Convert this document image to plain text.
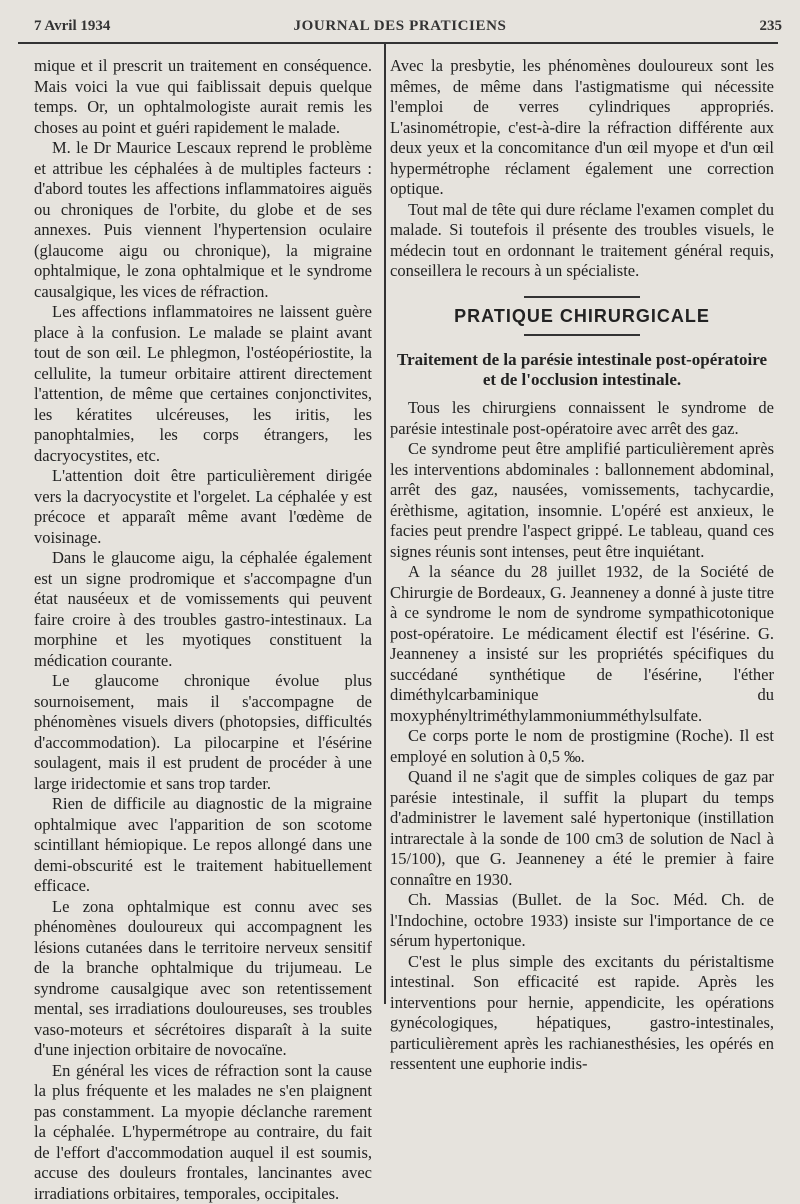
7 Avril 1934	JOURNAL DES PRATICIENS	235

mique et il prescrit un traitement en conséquence. Mais voici la vue qui faiblissait depuis quelque temps. Or, un ophtalmologiste aurait remis les choses au point et guéri rapidement le malade.

M. le Dr Maurice Lescaux reprend le problème et attribue les céphalées à de multiples facteurs : d'abord toutes les affections inflammatoires aiguës ou chroniques de l'orbite, du globe et de ses annexes. Puis viennent l'hypertension oculaire (glaucome aigu ou chronique), la migraine ophtalmique, le zona ophtalmique et le syndrome causalgique, les vices de réfraction.

Les affections inflammatoires ne laissent guère place à la confusion. Le malade se plaint avant tout de son œil. Le phlegmon, l'ostéopériostite, la cellulite, la tumeur orbitaire attirent directement l'attention, de même que certaines conjonctivites, les kératites ulcéreuses, les iritis, les panophtalmies, les corps étrangers, les dacryocystites, etc.

L'attention doit être particulièrement dirigée vers la dacryocystite et l'orgelet. La céphalée y est précoce et apparaît même avant l'œdème de voisinage.

Dans le glaucome aigu, la céphalée également est un signe prodromique et s'accompagne d'un état nauséeux et de vomissements qui peuvent faire croire à des troubles gastro-intestinaux. La morphine et les myotiques constituent la médication courante.

Le glaucome chronique évolue plus sournoisement, mais il s'accompagne de phénomènes visuels divers (photopsies, difficultés d'accommodation). La pilocarpine et l'ésérine soulagent, mais il est prudent de procéder à une large iridectomie et sans trop tarder.

Rien de difficile au diagnostic de la migraine ophtalmique avec l'apparition de son scotome scintillant hémiopique. Le repos allongé dans une demi-obscurité est le traitement habituellement efficace.

Le zona ophtalmique est connu avec ses phénomènes douloureux qui accompagnent les lésions cutanées dans le territoire nerveux sensitif de la branche ophtalmique du trijumeau. Le syndrome causalgique avec son retentissement mental, ses irradiations douloureuses, ses troubles vaso-moteurs et sécrétoires disparaît à la suite d'une injection orbitaire de novocaïne.

En général les vices de réfraction sont la cause la plus fréquente et les malades ne s'en plaignent pas constamment. La myopie déclanche rarement la céphalée. L'hypermétrope au contraire, du fait de l'effort d'accommodation auquel il est soumis, accuse des douleurs frontales, lancinantes avec irradiations orbitaires, temporales, occipitales.

Avec la presbytie, les phénomènes douloureux sont les mêmes, de même dans l'astigmatisme qui nécessite l'emploi de verres cylindriques appropriés. L'asinométropie, c'est-à-dire la réfraction différente aux deux yeux et la concomitance d'un œil myope et d'un œil hypermétrophe réclament également une correction optique.

Tout mal de tête qui dure réclame l'examen complet du malade. Si toutefois il présente des troubles visuels, le médecin tout en ordonnant le traitement général requis, conseillera le recours à un spécialiste.

PRATIQUE CHIRURGICALE
Traitement de la parésie intestinale post-opératoire et de l'occlusion intestinale.

Tous les chirurgiens connaissent le syndrome de parésie intestinale post-opératoire avec arrêt des gaz.

Ce syndrome peut être amplifié particulièrement après les interventions abdominales : ballonnement abdominal, arrêt des gaz, nausées, vomissements, tachycardie, érèthisme, agitation, insomnie. L'opéré est anxieux, le facies peut prendre l'aspect grippé. Le tableau, quand ces signes réunis sont intenses, peut être inquiétant.

A la séance du 28 juillet 1932, de la Société de Chirurgie de Bordeaux, G. Jeanneney a donné à juste titre à ce syndrome le nom de syndrome sympathicotonique post-opératoire. Le médicament électif est l'ésérine. G. Jeanneney a insisté sur les propriétés spécifiques du succédané synthétique de l'ésérine, l'éther diméthylcarbaminique du moxyphényltriméthylammoniumméthylsulfate.

Ce corps porte le nom de prostigmine (Roche). Il est employé en solution à 0,5 ‰.

Quand il ne s'agit que de simples coliques de gaz par parésie intestinale, il suffit la plupart du temps d'administrer le lavement salé hypertonique (instillation intrarectale à la sonde de 100 cm3 de solution de Nacl à 15/100), que G. Jeanneney a été le premier à faire connaître en 1930.

Ch. Massias (Bullet. de la Soc. Méd. Ch. de l'Indochine, octobre 1933) insiste sur l'importance de ce sérum hypertonique.

C'est le plus simple des excitants du péristaltisme intestinal. Son efficacité est rapide. Après les interventions pour hernie, appendicite, les opérations gynécologiques, hépatiques, gastro-intestinales, particulièrement après les rachianesthésies, les opérés en ressentent une euphorie indis-
